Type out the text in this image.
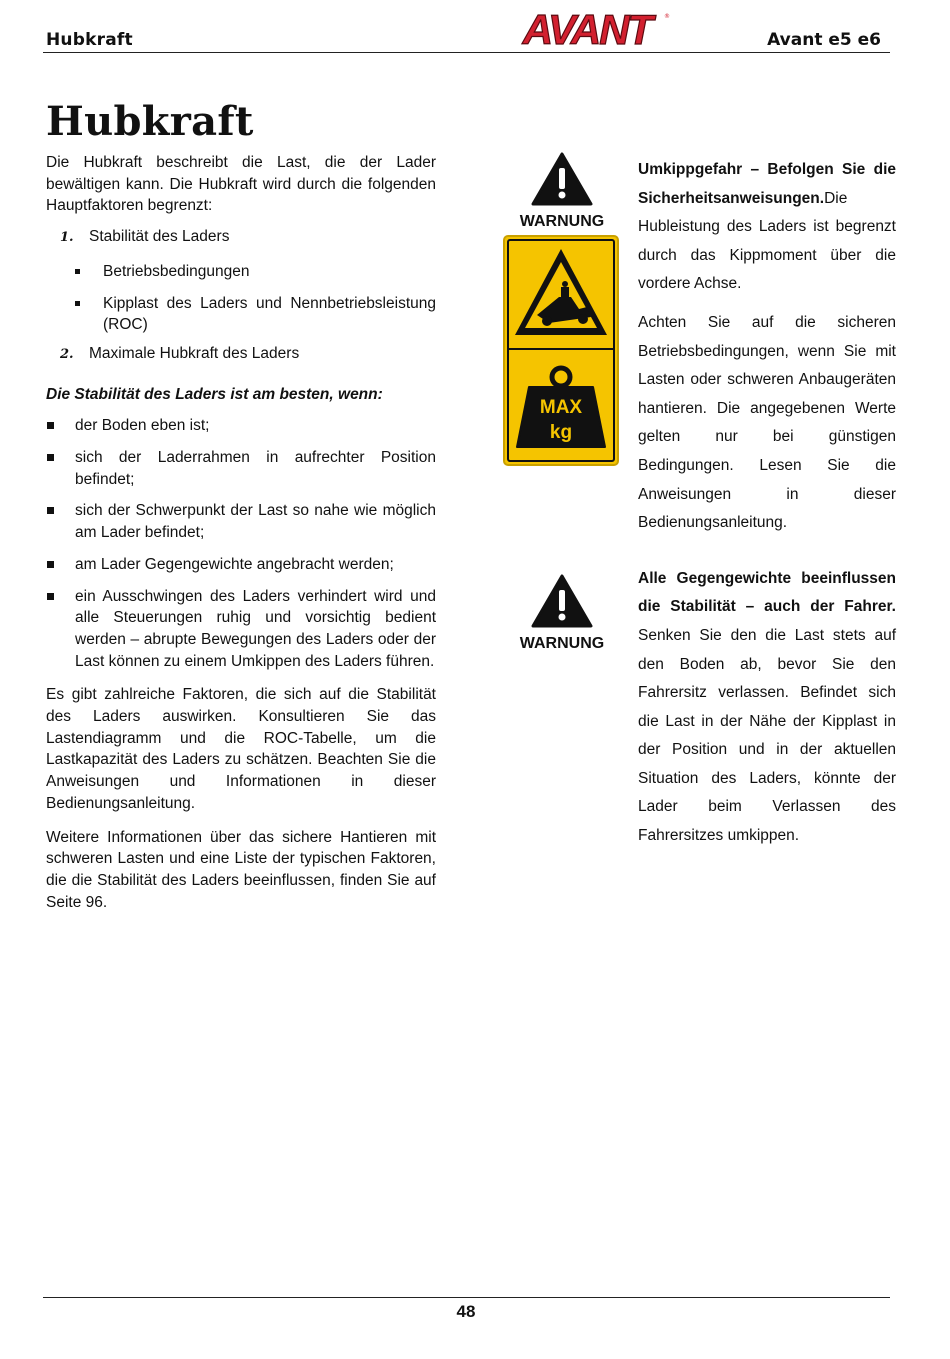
Hubkraft	AVANT	®
Avant e5 e6
Hubkraft

Die Hubkraft beschreibt die Last, die der Lader bewältigen kann. Die Hubkraft wird durch die folgenden Hauptfaktoren begrenzt:

1. Stabilität des Laders
Betriebsbedingungen
Kipplast des Laders und Nennbetriebsleistung (ROC)
2. Maximale Hubkraft des Laders

Die Stabilität des Laders ist am besten, wenn:

der Boden eben ist;
sich der Laderrahmen in aufrechter Position befindet;
sich der Schwerpunkt der Last so nahe wie möglich am Lader befindet;
am Lader Gegengewichte angebracht werden;
ein Ausschwingen des Laders verhindert wird und alle Steuerungen ruhig und vorsichtig bedient werden – abrupte Bewegungen des Laders oder der Last können zu einem Umkippen des Laders führen.

Es gibt zahlreiche Faktoren, die sich auf die Stabilität des Laders auswirken. Konsultieren Sie das Lastendiagramm und die ROC-Tabelle, um die Lastkapazität des Laders zu schätzen. Beachten Sie die Anweisungen und Informationen in dieser Bedienungsanleitung.

Weitere Informationen über das sichere Hantieren mit schweren Lasten und eine Liste der typischen Faktoren, die die Stabilität des Laders beeinflussen, finden Sie auf Seite 96.

WARNUNG
MAX
kg
WARNUNG

Umkippgefahr – Befolgen Sie die Sicherheitsanweisungen.Die Hubleistung des Laders ist begrenzt durch das Kippmoment über die vordere Achse.

Achten Sie auf die sicheren Betriebsbedingungen, wenn Sie mit Lasten oder schweren Anbaugeräten hantieren. Die angegebenen Werte gelten nur bei günstigen Bedingungen. Lesen Sie die Anweisungen in dieser Bedienungsanleitung.

Alle Gegengewichte beeinflussen die Stabilität – auch der Fahrer. Senken Sie den die Last stets auf den Boden ab, bevor Sie den Fahrersitz verlassen. Befindet sich die Last in der Nähe der Kipplast in der Position und in der aktuellen Situation des Laders, könnte der Lader beim Verlassen des Fahrersitzes umkippen.

48
